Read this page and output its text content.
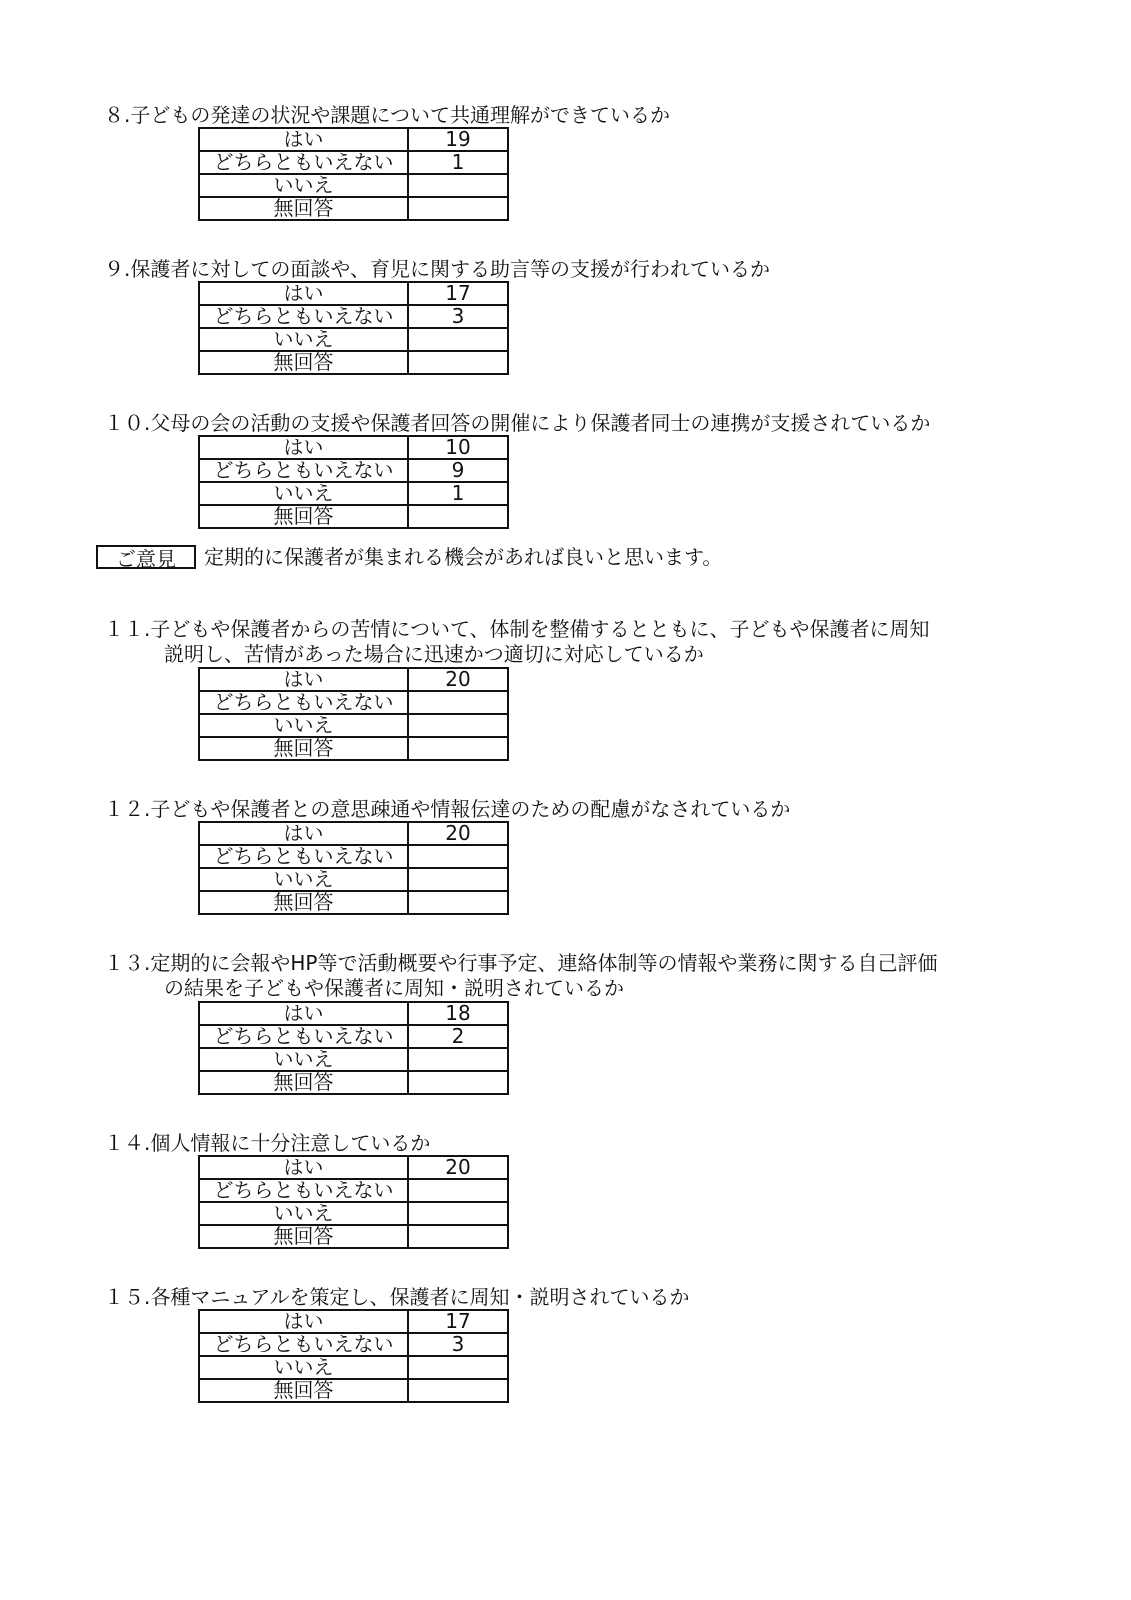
８.子どもの発達の状況や課題について共通理解ができているか
はい	19
どちらともいえない	1
いいえ	
無回答	
９.保護者に対しての面談や、育児に関する助言等の支援が行われているか
はい	17
どちらともいえない	3
いいえ	
無回答	
１０.父母の会の活動の支援や保護者回答の開催により保護者同士の連携が支援されているか
はい	10
どちらともいえない	9
いいえ	1
無回答	
ご意見	定期的に保護者が集まれる機会があれば良いと思います。
１１.子どもや保護者からの苦情について、体制を整備するとともに、子どもや保護者に周知
説明し、苦情があった場合に迅速かつ適切に対応しているか
はい	20
どちらともいえない	
いいえ	
無回答	
１２.子どもや保護者との意思疎通や情報伝達のための配慮がなされているか
はい	20
どちらともいえない	
いいえ	
無回答	
１３.定期的に会報やHP等で活動概要や行事予定、連絡体制等の情報や業務に関する自己評価
の結果を子どもや保護者に周知・説明されているか
はい	18
どちらともいえない	2
いいえ	
無回答	
１４.個人情報に十分注意しているか
はい	20
どちらともいえない	
いいえ	
無回答	
１５.各種マニュアルを策定し、保護者に周知・説明されているか
はい	17
どちらともいえない	3
いいえ	
無回答	
